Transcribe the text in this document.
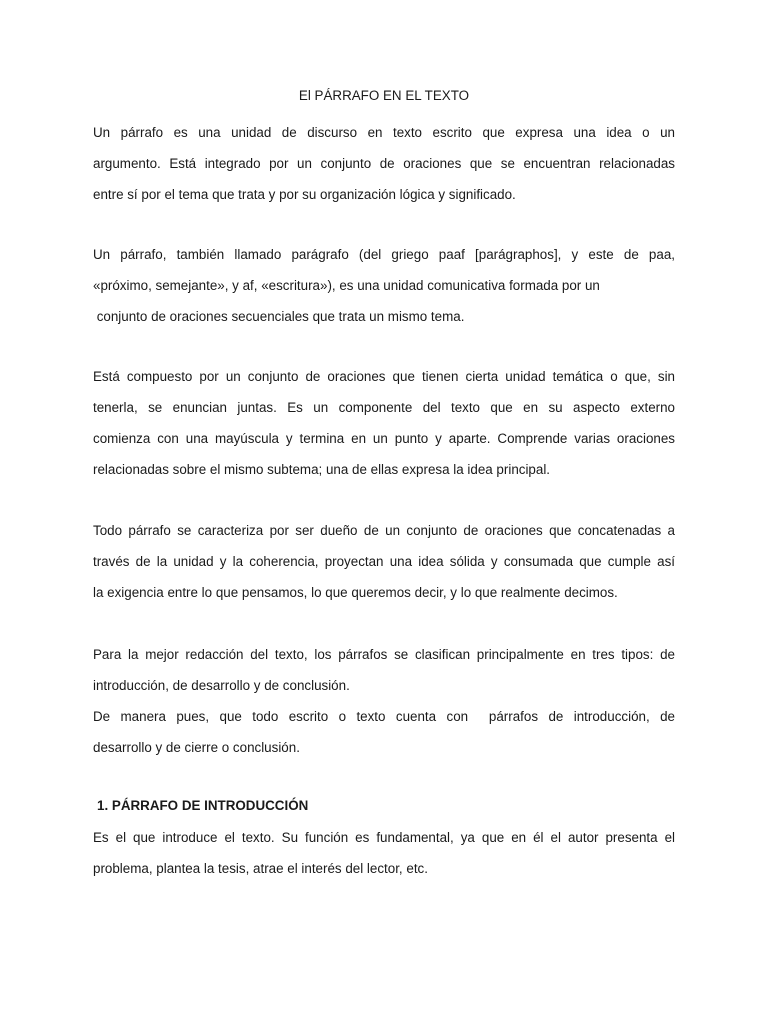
El PÁRRAFO EN EL TEXTO
Un párrafo es una unidad de discurso en texto escrito que expresa una idea o un
argumento. Está integrado por un conjunto de oraciones que se encuentran relacionadas
entre sí por el tema que trata y por su organización lógica y significado.
Un párrafo, también llamado parágrafo (del griego paaf [parágraphos], y este de paa,
«próximo, semejante», y af, «escritura»), es una unidad comunicativa formada por un
conjunto de oraciones secuenciales que trata un mismo tema.
Está compuesto por un conjunto de oraciones que tienen cierta unidad temática o que, sin
tenerla, se enuncian juntas. Es un componente del texto que en su aspecto externo
comienza con una mayúscula y termina en un punto y aparte. Comprende varias oraciones
relacionadas sobre el mismo subtema; una de ellas expresa la idea principal.
Todo párrafo se caracteriza por ser dueño de un conjunto de oraciones que concatenadas a
través de la unidad y la coherencia, proyectan una idea sólida y consumada que cumple así
la exigencia entre lo que pensamos, lo que queremos decir, y lo que realmente decimos.
Para la mejor redacción del texto, los párrafos se clasifican principalmente en tres tipos: de
introducción, de desarrollo y de conclusión.
De manera pues, que todo escrito o texto cuenta con  párrafos de introducción, de
desarrollo y de cierre o conclusión.
1. PÁRRAFO DE INTRODUCCIÓN
Es el que introduce el texto. Su función es fundamental, ya que en él el autor presenta el
problema, plantea la tesis, atrae el interés del lector, etc.
